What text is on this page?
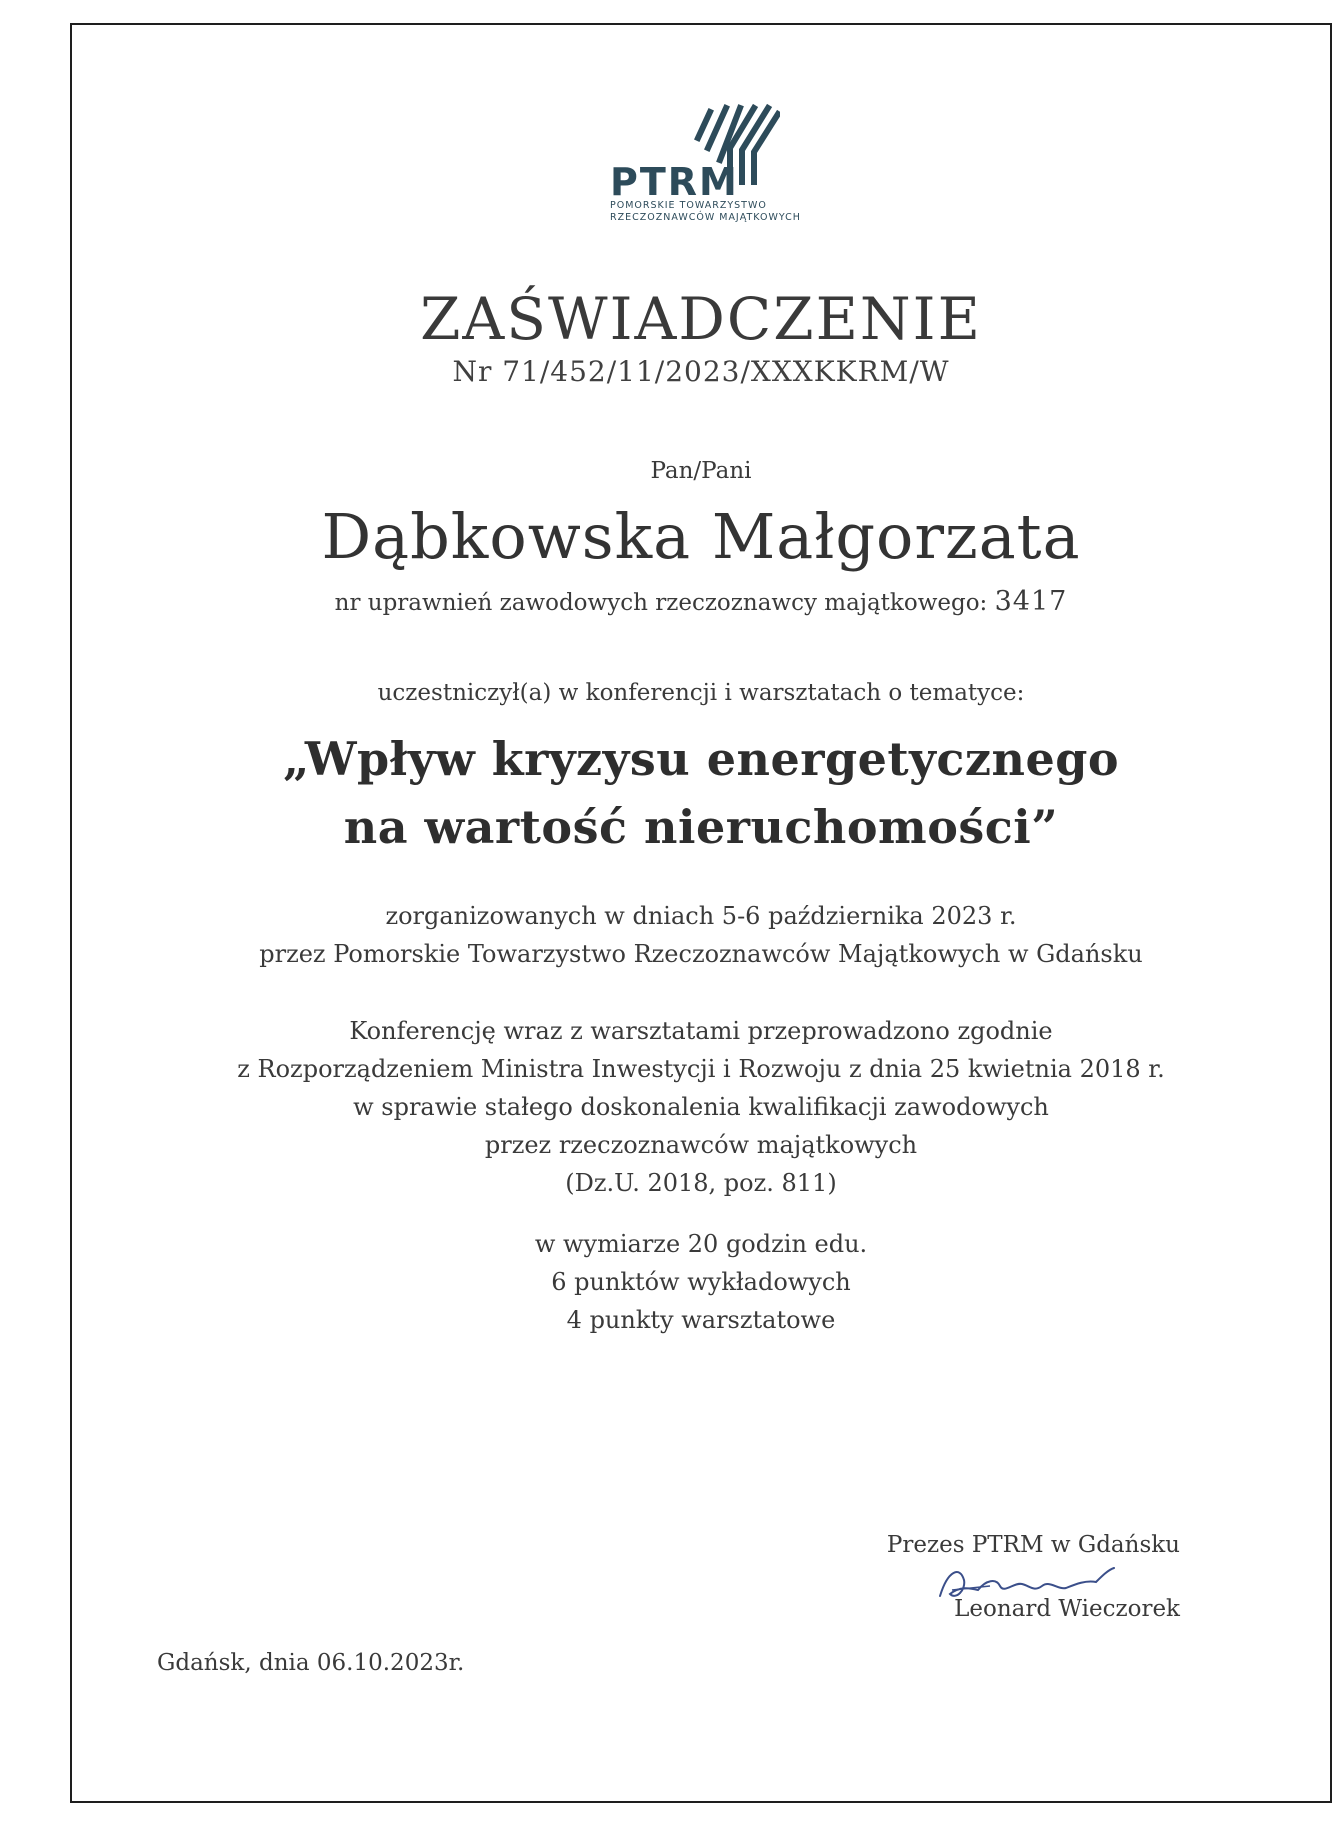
PTRM
POMORSKIE TOWARZYSTWO
RZECZOZNAWCÓW MAJĄTKOWYCH
ZAŚWIADCZENIE
Nr 71/452/11/2023/XXXKKRM/W
Pan/Pani
Dąbkowska Małgorzata
nr uprawnień zawodowych rzeczoznawcy majątkowego: 3417
uczestniczył(a) w konferencji i warsztatach o tematyce:
„Wpływ kryzysu energetycznego
na wartość nieruchomości”
zorganizowanych w dniach 5-6 października 2023 r.
przez Pomorskie Towarzystwo Rzeczoznawców Majątkowych w Gdańsku
Konferencję wraz z warsztatami przeprowadzono zgodnie
z Rozporządzeniem Ministra Inwestycji i Rozwoju z dnia 25 kwietnia 2018 r.
w sprawie stałego doskonalenia kwalifikacji zawodowych
przez rzeczoznawców majątkowych
(Dz.U. 2018, poz. 811)
w wymiarze 20 godzin edu.
6 punktów wykładowych
4 punkty warsztatowe
Prezes PTRM w Gdańsku
Leonard Wieczorek
Gdańsk, dnia 06.10.2023r.
